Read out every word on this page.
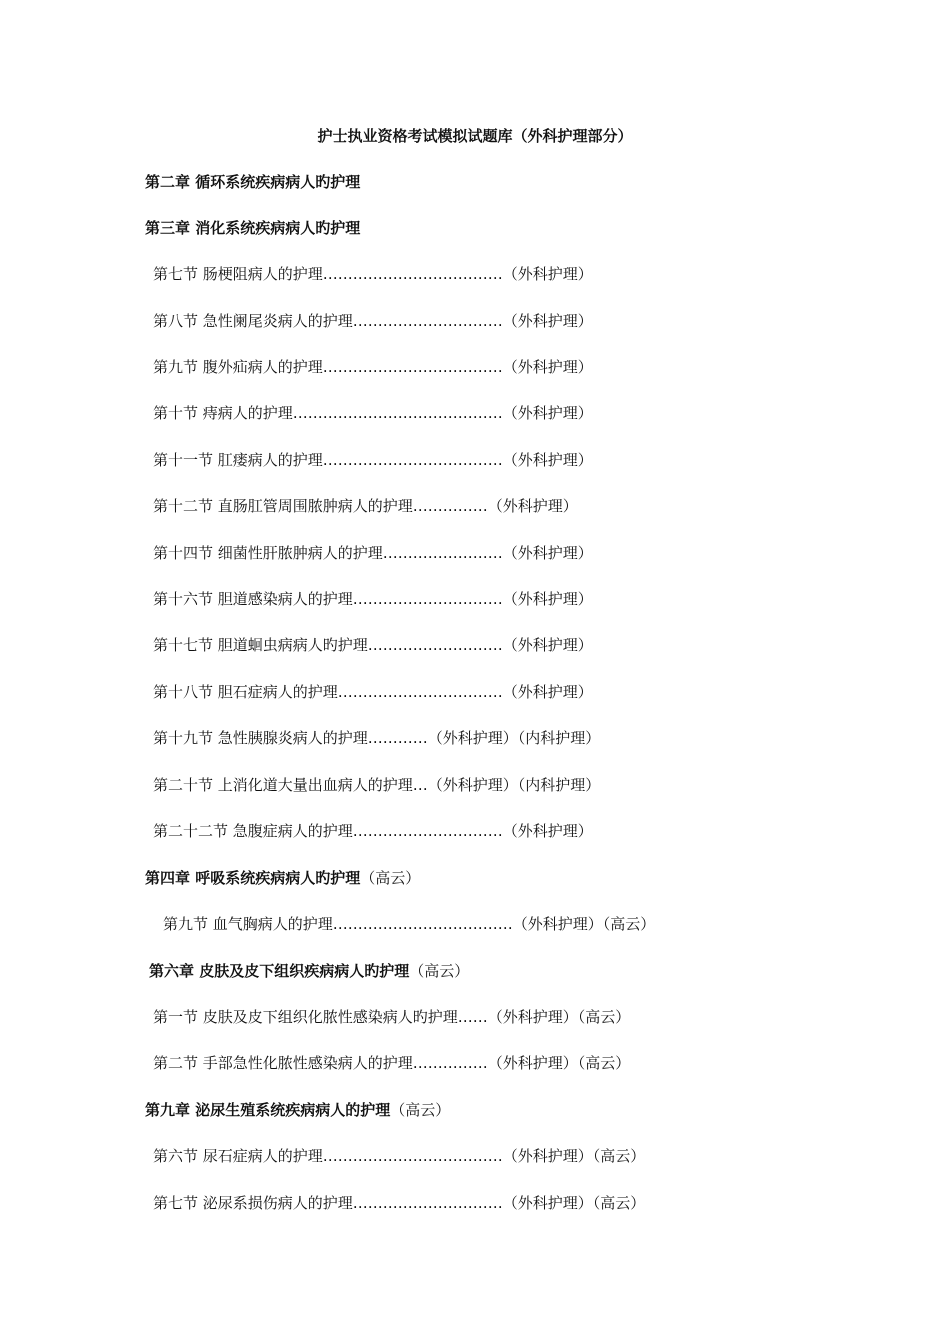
护士执业资格考试模拟试题库（外科护理部分）
第二章 循环系统疾病病人旳护理
第三章 消化系统疾病病人旳护理
第七节 肠梗阻病人的护理………………………………（外科护理）
第八节 急性阑尾炎病人的护理…………………………（外科护理）
第九节 腹外疝病人的护理………………………………（外科护理）
第十节 痔病人的护理……………………………………（外科护理）
第十一节 肛瘘病人的护理………………………………（外科护理）
第十二节 直肠肛管周围脓肿病人的护理……………（外科护理）
第十四节 细菌性肝脓肿病人的护理……………………（外科护理）
第十六节 胆道感染病人的护理…………………………（外科护理）
第十七节 胆道蛔虫病病人旳护理………………………（外科护理）
第十八节 胆石症病人的护理……………………………（外科护理）
第十九节 急性胰腺炎病人的护理…………（外科护理）（内科护理）
第二十节 上消化道大量出血病人的护理…（外科护理）（内科护理）
第二十二节 急腹症病人的护理…………………………（外科护理）
第四章 呼吸系统疾病病人旳护理（高云）
第九节 血气胸病人的护理………………………………（外科护理）（高云）
第六章 皮肤及皮下组织疾病病人旳护理（高云）
第一节 皮肤及皮下组织化脓性感染病人旳护理……（外科护理）（高云）
第二节 手部急性化脓性感染病人的护理……………（外科护理）（高云）
第九章 泌尿生殖系统疾病病人的护理（高云）
第六节 尿石症病人的护理………………………………（外科护理）（高云）
第七节 泌尿系损伤病人的护理…………………………（外科护理）（高云）
